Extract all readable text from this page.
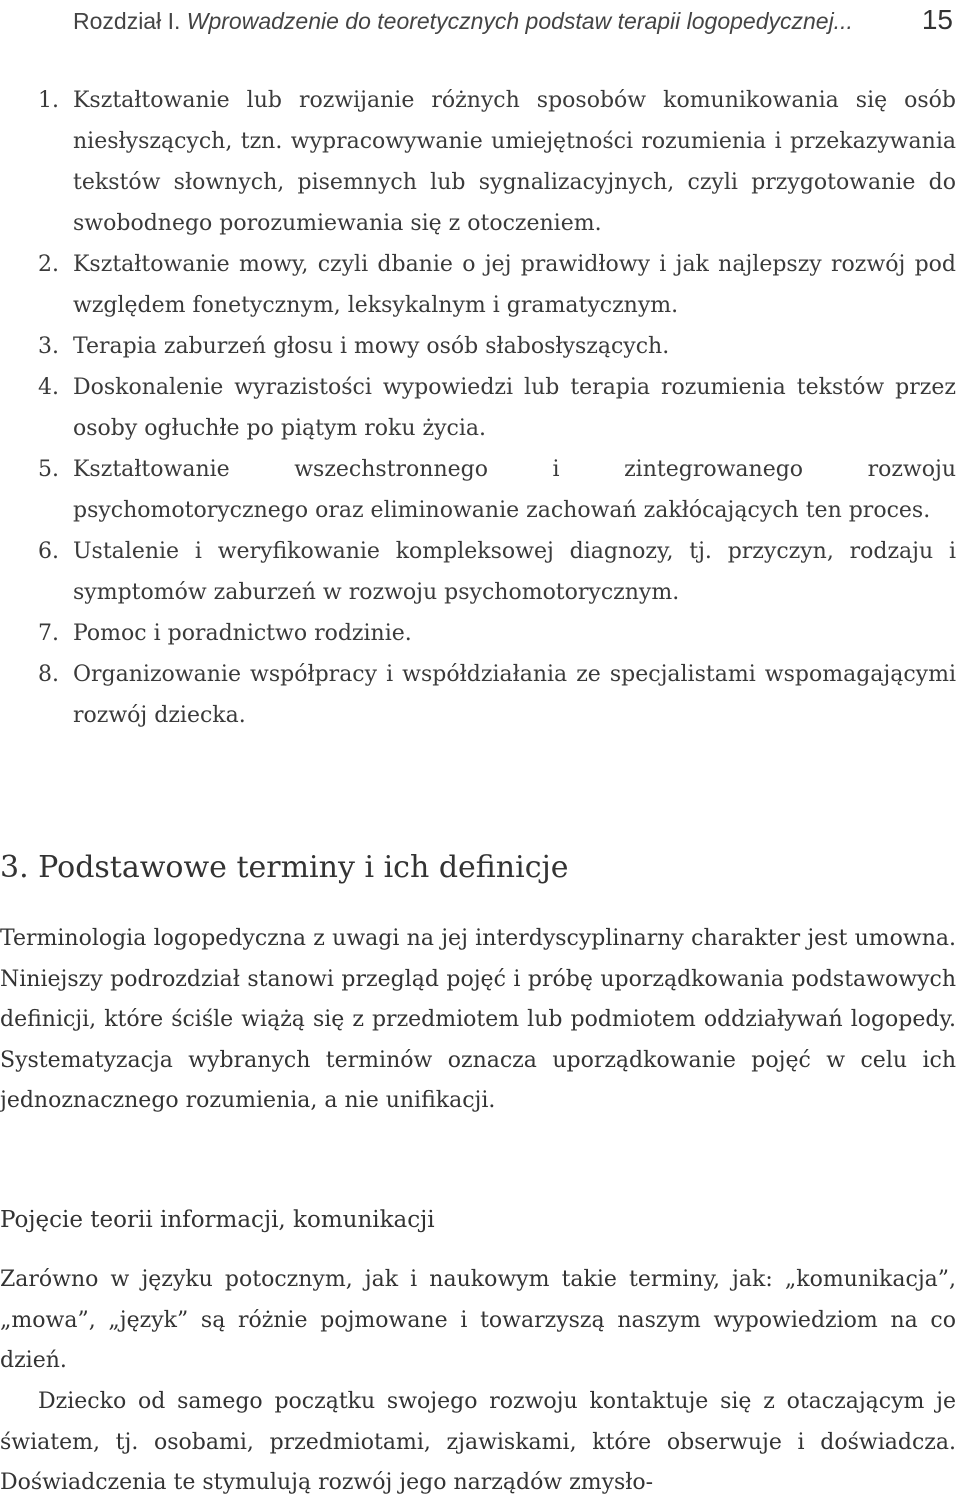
Rozdział I. Wprowadzenie do teoretycznych podstaw terapii logopedycznej... 15
1. Kształtowanie lub rozwijanie różnych sposobów komunikowania się osób niesłyszących, tzn. wypracowywanie umiejętności rozumienia i przekazywania tekstów słownych, pisemnych lub sygnalizacyjnych, czyli przygotowanie do swobodnego porozumiewania się z otoczeniem.
2. Kształtowanie mowy, czyli dbanie o jej prawidłowy i jak najlepszy rozwój pod względem fonetycznym, leksykalnym i gramatycznym.
3. Terapia zaburzeń głosu i mowy osób słabosłyszących.
4. Doskonalenie wyrazistości wypowiedzi lub terapia rozumienia tekstów przez osoby ogłuchłe po piątym roku życia.
5. Kształtowanie wszechstronnego i zintegrowanego rozwoju psychomotorycznego oraz eliminowanie zachowań zakłócających ten proces.
6. Ustalenie i weryfikowanie kompleksowej diagnozy, tj. przyczyn, rodzaju i symptomów zaburzeń w rozwoju psychomotorycznym.
7. Pomoc i poradnictwo rodzinie.
8. Organizowanie współpracy i współdziałania ze specjalistami wspomagającymi rozwój dziecka.
3. Podstawowe terminy i ich definicje

Terminologia logopedyczna z uwagi na jej interdyscyplinarny charakter jest umowna. Niniejszy podrozdział stanowi przegląd pojęć i próbę uporządkowania podstawowych definicji, które ściśle wiążą się z przedmiotem lub podmiotem oddziaływań logopedy. Systematyzacja wybranych terminów oznacza uporządkowanie pojęć w celu ich jednoznacznego rozumienia, a nie unifikacji.

Pojęcie teorii informacji, komunikacji

Zarówno w języku potocznym, jak i naukowym takie terminy, jak: „komunikacja”, „mowa”, „język” są różnie pojmowane i towarzyszą naszym wypowiedziom na co dzień.

Dziecko od samego początku swojego rozwoju kontaktuje się z otaczającym je światem, tj. osobami, przedmiotami, zjawiskami, które obserwuje i doświadcza. Doświadczenia te stymulują rozwój jego narządów zmysło-
